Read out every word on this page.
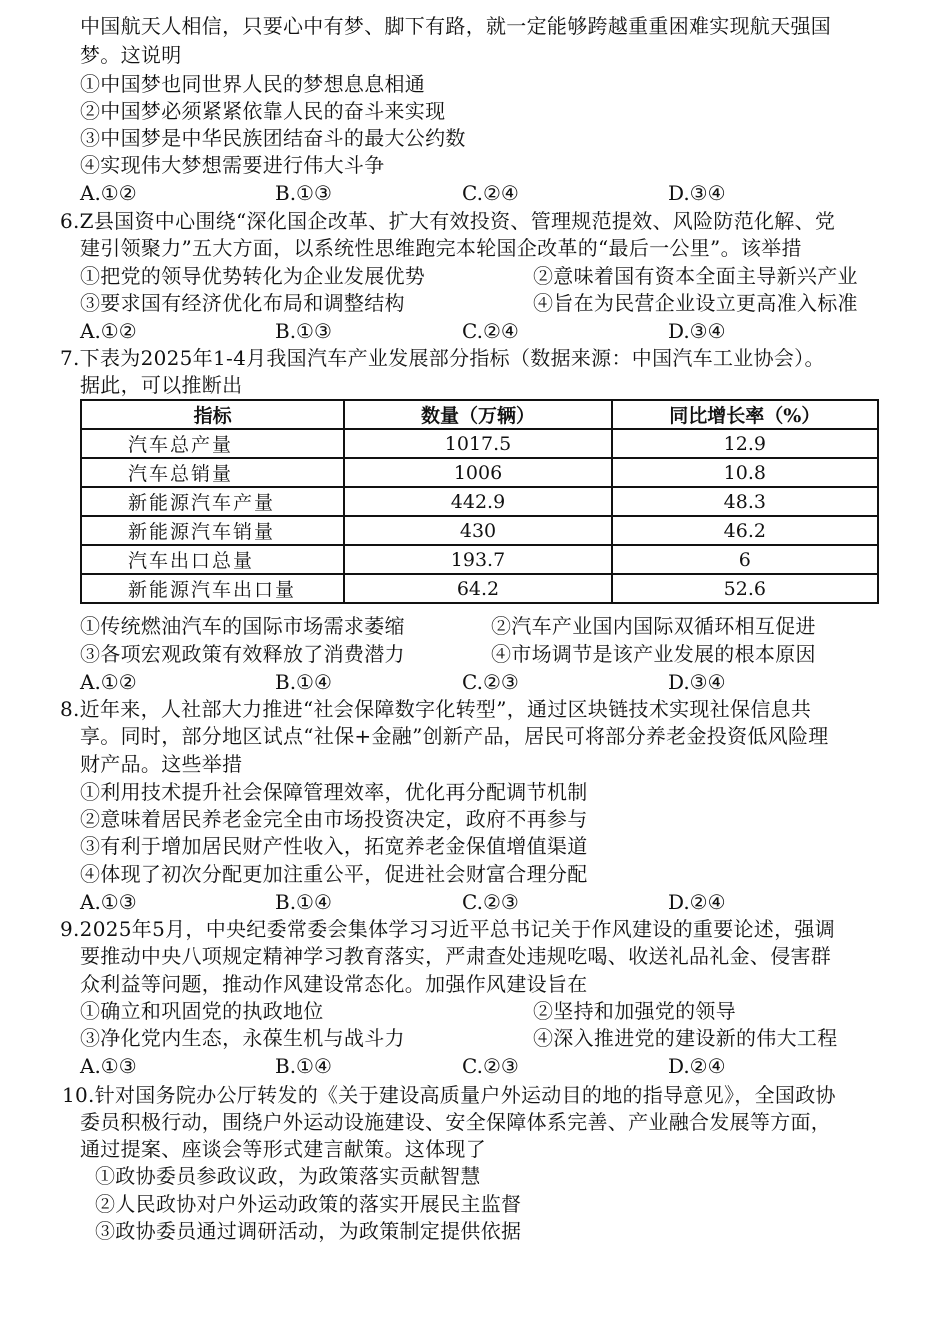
中国航天人相信，只要心中有梦、脚下有路，就一定能够跨越重重困难实现航天强国
梦。这说明
①中国梦也同世界人民的梦想息息相通
②中国梦必须紧紧依靠人民的奋斗来实现
③中国梦是中华民族团结奋斗的最大公约数
④实现伟大梦想需要进行伟大斗争
A.①②	B.①③	C.②④	D.③④
6.Z县国资中心围绕“深化国企改革、扩大有效投资、管理规范提效、风险防范化解、党
建引领聚力”五大方面，以系统性思维跑完本轮国企改革的“最后一公里”。该举措
①把党的领导优势转化为企业发展优势	②意味着国有资本全面主导新兴产业
③要求国有经济优化布局和调整结构	④旨在为民营企业设立更高准入标准
A.①②	B.①③	C.②④	D.③④
7.下表为2025年1-4月我国汽车产业发展部分指标（数据来源：中国汽车工业协会）。
据此，可以推断出
指标	数量（万辆）	同比增长率（%）
汽车总产量	1017.5	12.9
汽车总销量	1006	10.8
新能源汽车产量	442.9	48.3
新能源汽车销量	430	46.2
汽车出口总量	193.7	6
新能源汽车出口量	64.2	52.6
①传统燃油汽车的国际市场需求萎缩	②汽车产业国内国际双循环相互促进
③各项宏观政策有效释放了消费潜力	④市场调节是该产业发展的根本原因
A.①②	B.①④	C.②③	D.③④
8.近年来，人社部大力推进“社会保障数字化转型”，通过区块链技术实现社保信息共
享。同时，部分地区试点“社保+金融”创新产品，居民可将部分养老金投资低风险理
财产品。这些举措
①利用技术提升社会保障管理效率，优化再分配调节机制
②意味着居民养老金完全由市场投资决定，政府不再参与
③有利于增加居民财产性收入，拓宽养老金保值增值渠道
④体现了初次分配更加注重公平，促进社会财富合理分配
A.①③	B.①④	C.②③	D.②④
9.2025年5月，中央纪委常委会集体学习习近平总书记关于作风建设的重要论述，强调
要推动中央八项规定精神学习教育落实，严肃查处违规吃喝、收送礼品礼金、侵害群
众利益等问题，推动作风建设常态化。加强作风建设旨在
①确立和巩固党的执政地位	②坚持和加强党的领导
③净化党内生态，永葆生机与战斗力	④深入推进党的建设新的伟大工程
A.①③	B.①④	C.②③	D.②④
10.针对国务院办公厅转发的《关于建设高质量户外运动目的地的指导意见》，全国政协
委员积极行动，围绕户外运动设施建设、安全保障体系完善、产业融合发展等方面，
通过提案、座谈会等形式建言献策。这体现了
①政协委员参政议政，为政策落实贡献智慧
②人民政协对户外运动政策的落实开展民主监督
③政协委员通过调研活动，为政策制定提供依据
